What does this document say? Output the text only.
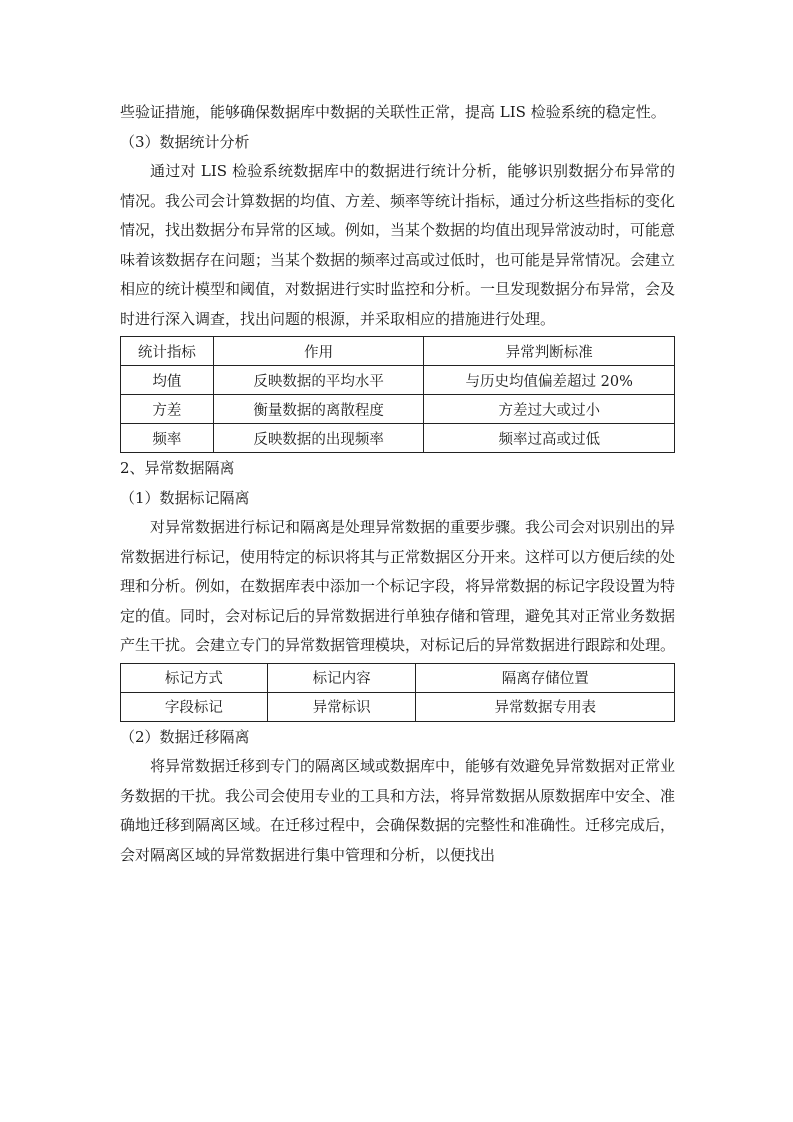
些验证措施，能够确保数据库中数据的关联性正常，提高 LIS 检验系统的稳定性。

（3）数据统计分析

通过对 LIS 检验系统数据库中的数据进行统计分析，能够识别数据分布异常的情况。我公司会计算数据的均值、方差、频率等统计指标，通过分析这些指标的变化情况，找出数据分布异常的区域。例如，当某个数据的均值出现异常波动时，可能意味着该数据存在问题；当某个数据的频率过高或过低时，也可能是异常情况。会建立相应的统计模型和阈值，对数据进行实时监控和分析。一旦发现数据分布异常，会及时进行深入调查，找出问题的根源，并采取相应的措施进行处理。

统计指标	作用	异常判断标准
均值	反映数据的平均水平	与历史均值偏差超过 20%
方差	衡量数据的离散程度	方差过大或过小
频率	反映数据的出现频率	频率过高或过低

2、异常数据隔离

（1）数据标记隔离

对异常数据进行标记和隔离是处理异常数据的重要步骤。我公司会对识别出的异常数据进行标记，使用特定的标识将其与正常数据区分开来。这样可以方便后续的处理和分析。例如，在数据库表中添加一个标记字段，将异常数据的标记字段设置为特定的值。同时，会对标记后的异常数据进行单独存储和管理，避免其对正常业务数据产生干扰。会建立专门的异常数据管理模块，对标记后的异常数据进行跟踪和处理。

标记方式	标记内容	隔离存储位置
字段标记	异常标识	异常数据专用表

（2）数据迁移隔离

将异常数据迁移到专门的隔离区域或数据库中，能够有效避免异常数据对正常业务数据的干扰。我公司会使用专业的工具和方法，将异常数据从原数据库中安全、准确地迁移到隔离区域。在迁移过程中，会确保数据的完整性和准确性。迁移完成后，会对隔离区域的异常数据进行集中管理和分析，以便找出
